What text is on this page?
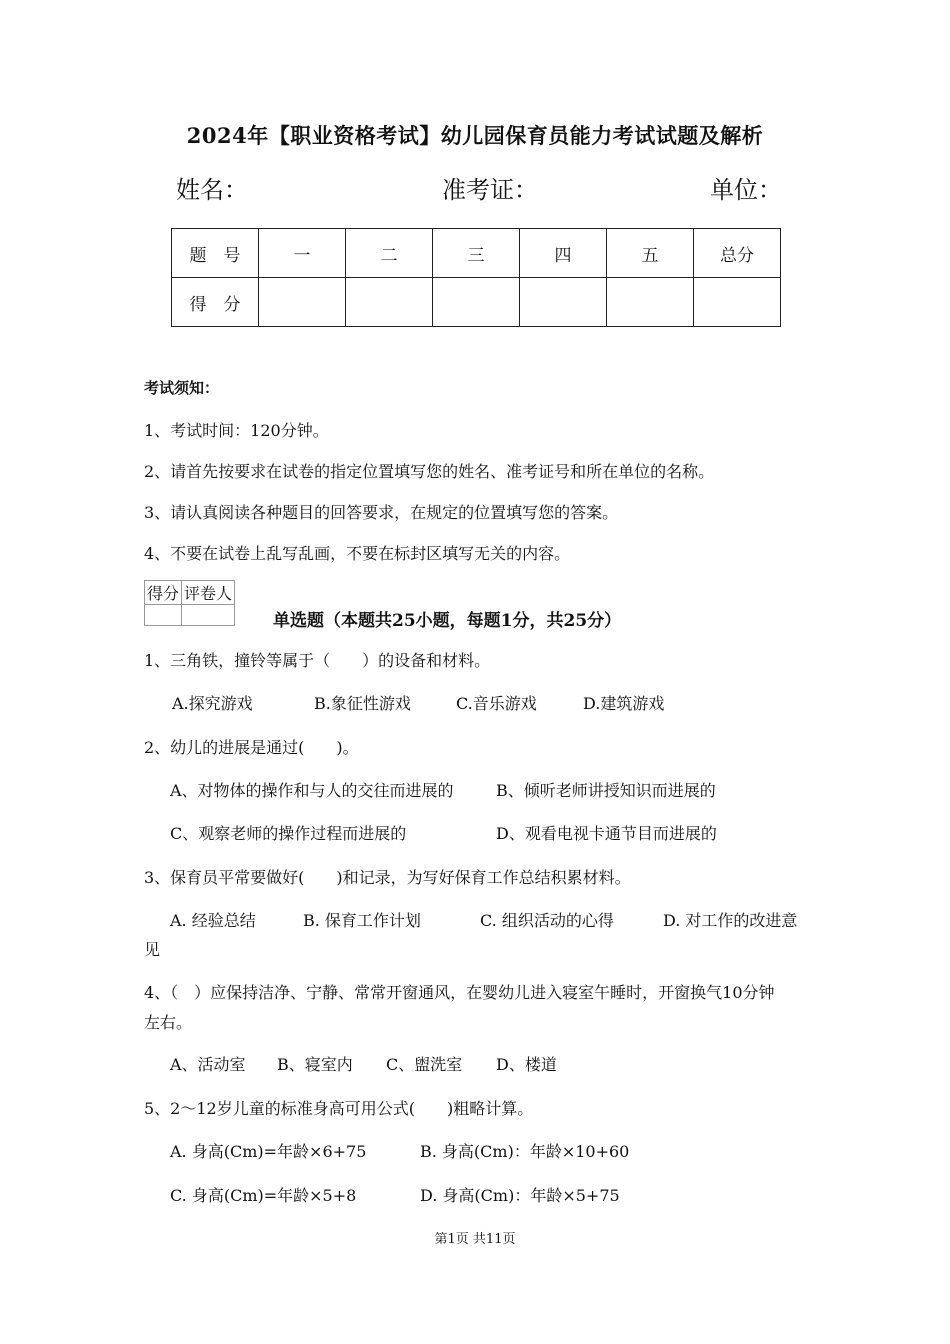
2024年【职业资格考试】幼儿园保育员能力考试试题及解析
姓名：	准考证：	单位：
题　号	一	二	三	四	五	总分
得　分						
考试须知：
1、考试时间：120分钟。
2、请首先按要求在试卷的指定位置填写您的姓名、准考证号和所在单位的名称。
3、请认真阅读各种题目的回答要求，在规定的位置填写您的答案。
4、不要在试卷上乱写乱画，不要在标封区填写无关的内容。
得分	评卷人

单选题（本题共25小题，每题1分，共25分）
1、三角铁，撞铃等属于（　　）的设备和材料。
A.探究游戏	B.象征性游戏	C.音乐游戏	D.建筑游戏
2、幼儿的进展是通过(　　)。
A、对物体的操作和与人的交往而进展的	B、倾听老师讲授知识而进展的
C、观察老师的操作过程而进展的	D、观看电视卡通节目而进展的
3、保育员平常要做好(　　)和记录，为写好保育工作总结积累材料。
A. 经验总结	B. 保育工作计划	C. 组织活动的心得	D. 对工作的改进意
见
4、（　）应保持洁净、宁静、常常开窗通风，在婴幼儿进入寝室午睡时，开窗换气10分钟
左右。
A、活动室 B、寝室内 C、盥洗室 D、楼道
5、2～12岁儿童的标准身高可用公式(　　)粗略计算。
A. 身高(Cm)=年龄×6+75	B. 身高(Cm)：年龄×10+60
C. 身高(Cm)=年龄×5+8	D. 身高(Cm)：年龄×5+75
第1页 共11页
